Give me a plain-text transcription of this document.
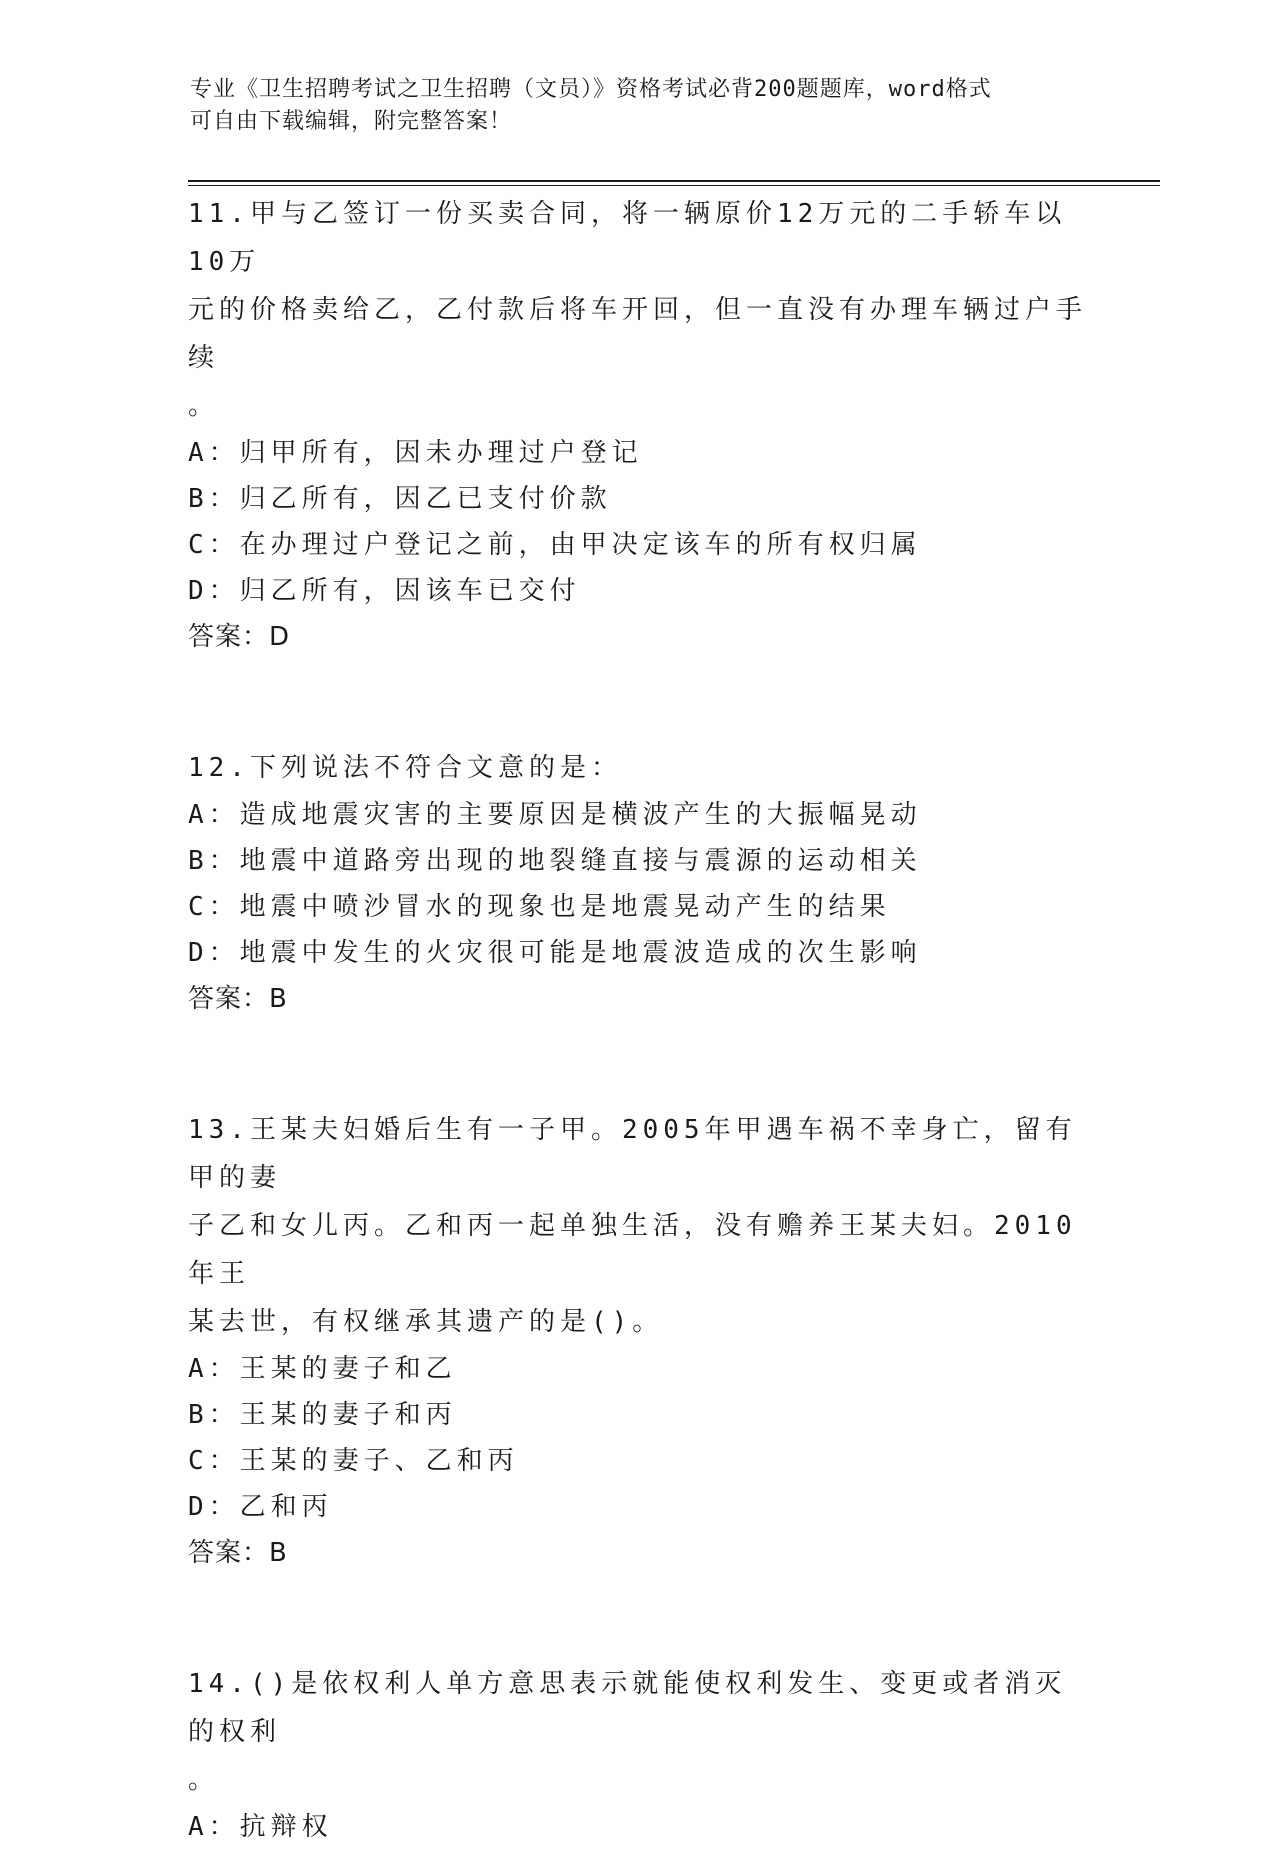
专业《卫生招聘考试之卫生招聘（文员）》资格考试必背200题题库，word格式
可自由下载编辑，附完整答案！

11.甲与乙签订一份买卖合同，将一辆原价12万元的二手轿车以10万

元的价格卖给乙，乙付款后将车开回，但一直没有办理车辆过户手续

。

A：归甲所有，因未办理过户登记

B：归乙所有，因乙已支付价款

C：在办理过户登记之前，由甲决定该车的所有权归属

D：归乙所有，因该车已交付

答案：D

12.下列说法不符合文意的是：

A：造成地震灾害的主要原因是横波产生的大振幅晃动

B：地震中道路旁出现的地裂缝直接与震源的运动相关

C：地震中喷沙冒水的现象也是地震晃动产生的结果

D：地震中发生的火灾很可能是地震波造成的次生影响

答案：B

13.王某夫妇婚后生有一子甲。2005年甲遇车祸不幸身亡，留有甲的妻

子乙和女儿丙。乙和丙一起单独生活，没有赡养王某夫妇。2010年王

某去世，有权继承其遗产的是()。

A：王某的妻子和乙

B：王某的妻子和丙

C：王某的妻子、乙和丙

D：乙和丙

答案：B

14.()是依权利人单方意思表示就能使权利发生、变更或者消灭的权利

。

A：抗辩权
